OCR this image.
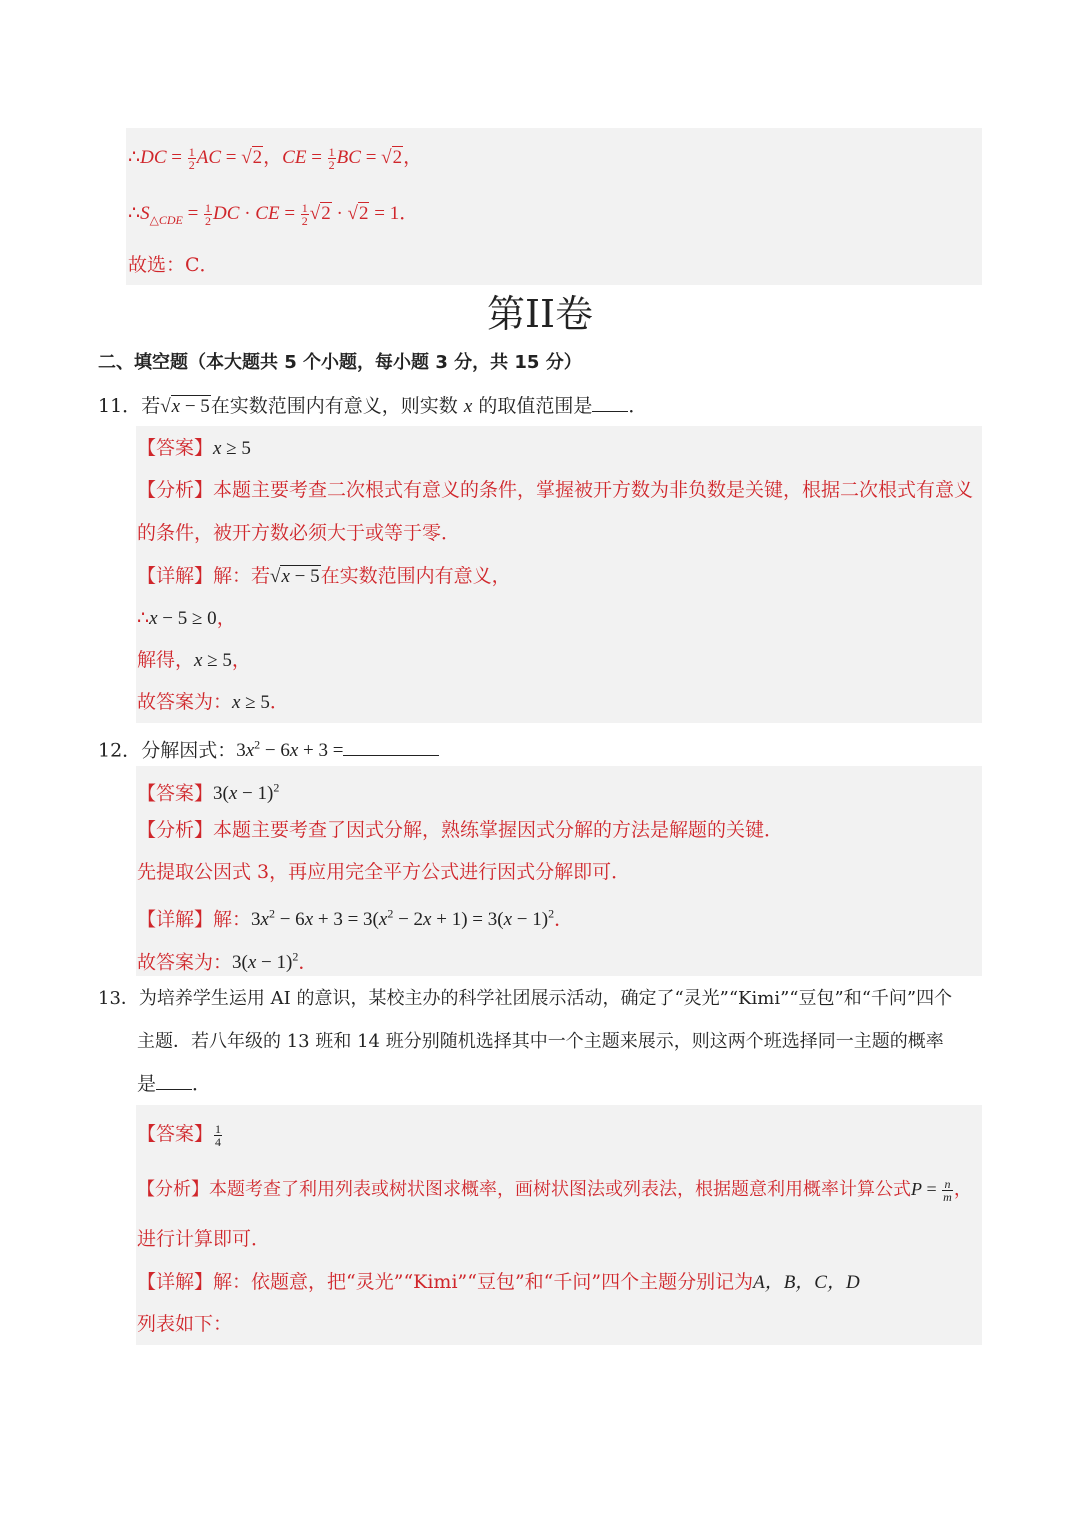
∴DC = $\frac{1}{2}$ AC = √2，CE = $\frac{1}{2}$ BC = √2，
$\therefore S_{\triangle CDE} = \frac{1}{2}$ DC · CE = $\frac{1}{2} √2 \cdot √2 = 1$．
故选：C．
第II卷
二、填空题（本大题共 5 个小题，每小题 3 分，共 15 分）
11．若√x − 5在实数范围内有意义，则实数 x 的取值范围是 ．
【答案】x ≥ 5
【分析】本题主要考查二次根式有意义的条件，掌握被开方数为非负数是关键，根据二次根式有意义
的条件，被开方数必须大于或等于零．
【详解】解：若√x − 5在实数范围内有意义，
∴x − 5 ≥ 0，
解得，x ≥ 5，
故答案为：x ≥ 5．
12．分解因式：$3x^2 - 6x + 3$ =
【答案】$3(x - 1)^2$
【分析】本题主要考查了因式分解，熟练掌握因式分解的方法是解题的关键．
先提取公因式 3，再应用完全平方公式进行因式分解即可．
【详解】解：$3x^2 - 6x + 3 = 3(x^2 - 2x + 1) = 3(x - 1)^2$．
故答案为：$3(x - 1)^2$．
13．为培养学生运用 AI 的意识，某校主办的科学社团展示活动，确定了“灵光”“Kimi”“豆包”和“千问”四个
主题．若八年级的 13 班和 14 班分别随机选择其中一个主题来展示，则这两个班选择同一主题的概率
是 ．
【答案】 $\frac{1}{4}$
【分析】本题考查了利用列表或树状图求概率，画树状图法或列表法，根据题意利用概率计算公式$P = \frac{n}{m}$ ，
进行计算即可．
【详解】解：依题意，把“灵光”“Kimi”“豆包”和“千问”四个主题分别记为A，B，C，D
列表如下：
